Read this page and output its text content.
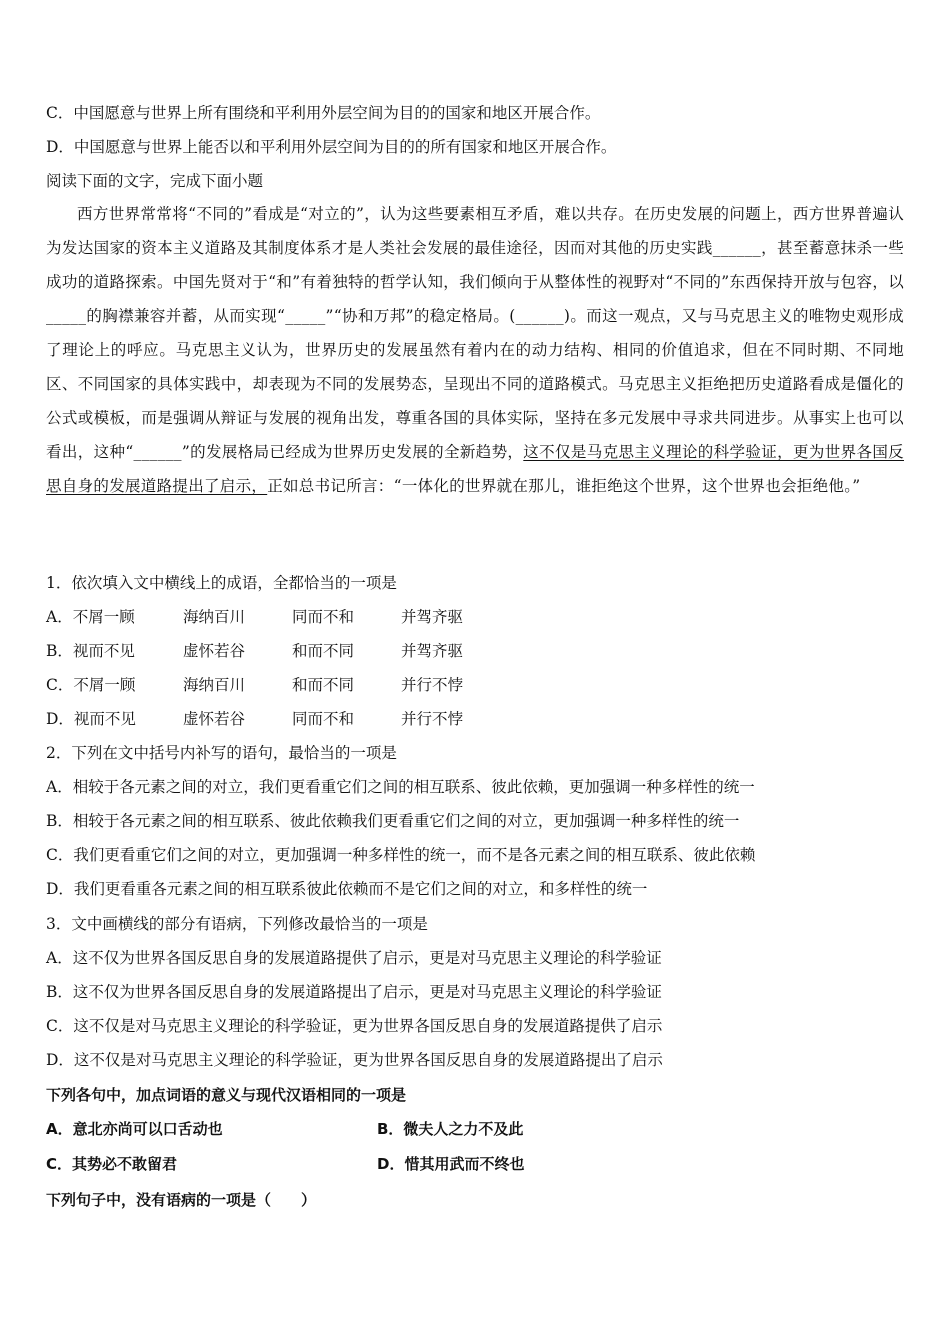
C．中国愿意与世界上所有围绕和平利用外层空间为目的的国家和地区开展合作。
D．中国愿意与世界上能否以和平利用外层空间为目的的所有国家和地区开展合作。
阅读下面的文字，完成下面小题
西方世界常常将“不同的”看成是“对立的”，认为这些要素相互矛盾，难以共存。在历史发展的问题上，西方世界普遍认为发达国家的资本主义道路及其制度体系才是人类社会发展的最佳途径，因而对其他的历史实践______，甚至蓄意抹杀一些成功的道路探索。中国先贤对于“和”有着独特的哲学认知，我们倾向于从整体性的视野对“不同的”东西保持开放与包容，以_____的胸襟兼容并蓄，从而实现“_____”“协和万邦”的稳定格局。(______)。而这一观点，又与马克思主义的唯物史观形成了理论上的呼应。马克思主义认为，世界历史的发展虽然有着内在的动力结构、相同的价值追求，但在不同时期、不同地区、不同国家的具体实践中，却表现为不同的发展势态，呈现出不同的道路模式。马克思主义拒绝把历史道路看成是僵化的公式或模板，而是强调从辩证与发展的视角出发，尊重各国的具体实际，坚持在多元发展中寻求共同进步。从事实上也可以看出，这种“______”的发展格局已经成为世界历史发展的全新趋势，这不仅是马克思主义理论的科学验证，更为世界各国反思自身的发展道路提出了启示，正如总书记所言：“一体化的世界就在那儿，谁拒绝这个世界，这个世界也会拒绝他。”
1．依次填入文中横线上的成语，全都恰当的一项是
A．不屑一顾	海纳百川	同而不和	并驾齐驱
B．视而不见	虚怀若谷	和而不同	并驾齐驱
C．不屑一顾	海纳百川	和而不同	并行不悖
D．视而不见	虚怀若谷	同而不和	并行不悖
2．下列在文中括号内补写的语句，最恰当的一项是
A．相较于各元素之间的对立，我们更看重它们之间的相互联系、彼此依赖，更加强调一种多样性的统一
B．相较于各元素之间的相互联系、彼此依赖我们更看重它们之间的对立，更加强调一种多样性的统一
C．我们更看重它们之间的对立，更加强调一种多样性的统一，而不是各元素之间的相互联系、彼此依赖
D．我们更看重各元素之间的相互联系彼此依赖而不是它们之间的对立，和多样性的统一
3．文中画横线的部分有语病，下列修改最恰当的一项是
A．这不仅为世界各国反思自身的发展道路提供了启示，更是对马克思主义理论的科学验证
B．这不仅为世界各国反思自身的发展道路提出了启示，更是对马克思主义理论的科学验证
C．这不仅是对马克思主义理论的科学验证，更为世界各国反思自身的发展道路提供了启示
D．这不仅是对马克思主义理论的科学验证，更为世界各国反思自身的发展道路提出了启示
下列各句中，加点词语的意义与现代汉语相同的一项是
A．意北亦尚可以口舌动也	B．微夫人之力不及此
C．其势必不敢留君	D．惜其用武而不终也
下列句子中，没有语病的一项是（　　）
